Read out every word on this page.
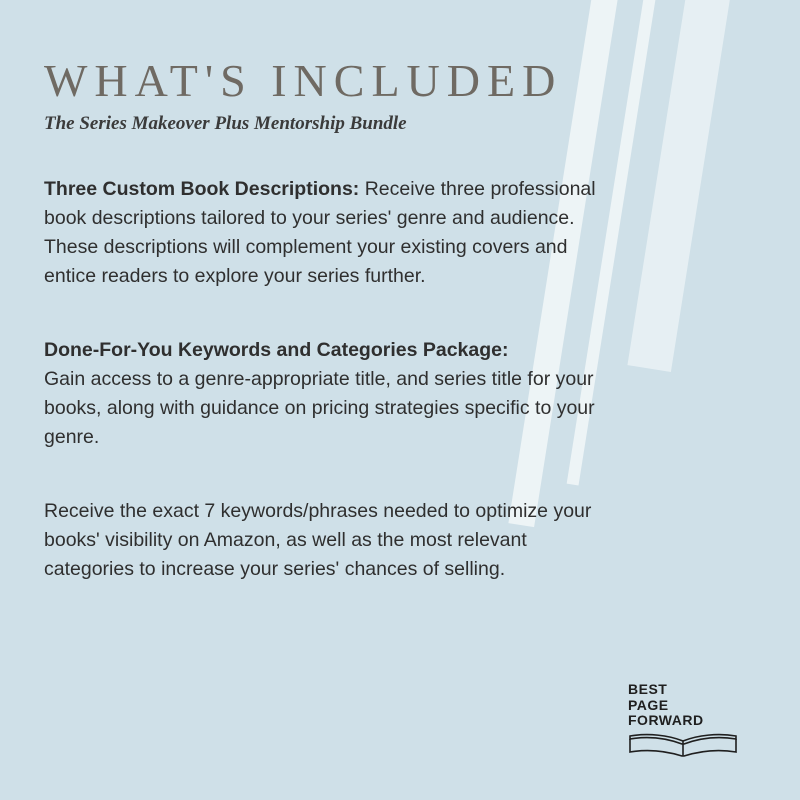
WHAT'S INCLUDED
The Series Makeover Plus Mentorship Bundle

Three Custom Book Descriptions: Receive three professional book descriptions tailored to your series' genre and audience. These descriptions will complement your existing covers and entice readers to explore your series further.

Done-For-You Keywords and Categories Package:

Gain access to a genre-appropriate title, and series title for your books, along with guidance on pricing strategies specific to your genre.

Receive the exact 7 keywords/phrases needed to optimize your books' visibility on Amazon, as well as the most relevant categories to increase your series' chances of selling.

BEST
PAGE
FORWARD
